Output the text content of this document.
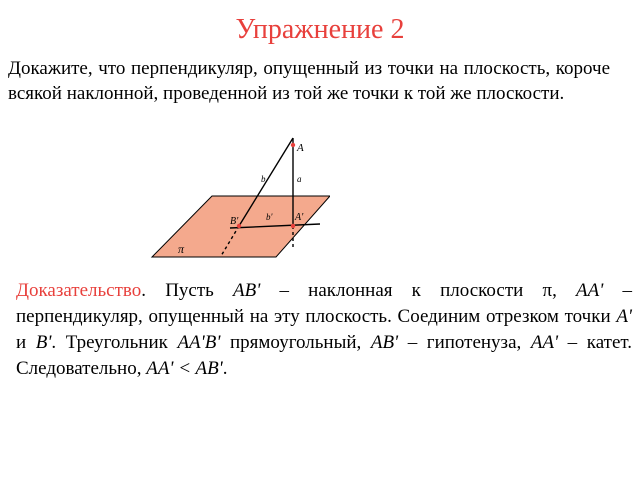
Упражнение 2
Докажите, что перпендикуляр, опущенный из точки на плоскость, короче всякой наклонной, проведенной из той же точки к той же плоскости.
A
a
b
A'
B'	b'
π
Доказательство. Пусть AB' – наклонная к плоскости π, AA' – перпендикуляр, опущенный на эту плоскость. Соединим отрезком точки A' и B'. Треугольник AA'B' прямоугольный, AB' – гипотенуза, AA' – катет. Следовательно, AA' < AB'.
